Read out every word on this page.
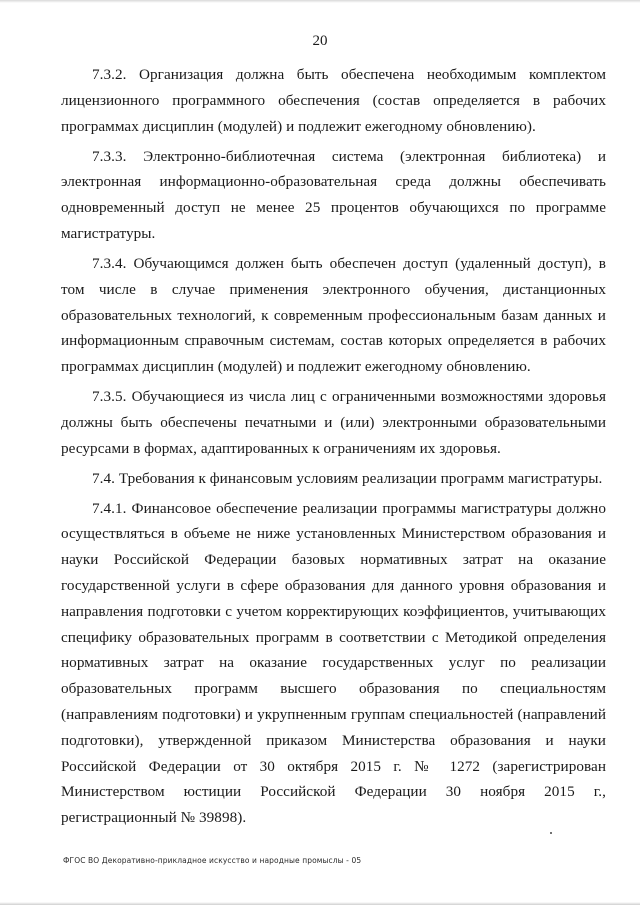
20

7.3.2. Организация должна быть обеспечена необходимым комплектом лицензионного программного обеспечения (состав определяется в рабочих программах дисциплин (модулей) и подлежит ежегодному обновлению).

7.3.3. Электронно-библиотечная система (электронная библиотека) и электронная информационно-образовательная среда должны обеспечивать одновременный доступ не менее 25 процентов обучающихся по программе магистратуры.

7.3.4. Обучающимся должен быть обеспечен доступ (удаленный доступ), в том числе в случае применения электронного обучения, дистанционных образовательных технологий, к современным профессиональным базам данных и информационным справочным системам, состав которых определяется в рабочих программах дисциплин (модулей) и подлежит ежегодному обновлению.

7.3.5. Обучающиеся из числа лиц с ограниченными возможностями здоровья должны быть обеспечены печатными и (или) электронными образовательными ресурсами в формах, адаптированных к ограничениям их здоровья.

7.4. Требования к финансовым условиям реализации программ магистратуры.

7.4.1. Финансовое обеспечение реализации программы магистратуры должно осуществляться в объеме не ниже установленных Министерством образования и науки Российской Федерации базовых нормативных затрат на оказание государственной услуги в сфере образования для данного уровня образования и направления подготовки с учетом корректирующих коэффициентов, учитывающих специфику образовательных программ в соответствии с Методикой определения нормативных затрат на оказание государственных услуг по реализации образовательных программ высшего образования по специальностям (направлениям подготовки) и укрупненным группам специальностей (направлений подготовки), утвержденной приказом Министерства образования и науки Российской Федерации от 30 октября 2015 г. № 1272 (зарегистрирован Министерством юстиции Российской Федерации 30 ноября 2015 г., регистрационный № 39898).

ФГОС ВО Декоративно-прикладное искусство и народные промыслы - 05
